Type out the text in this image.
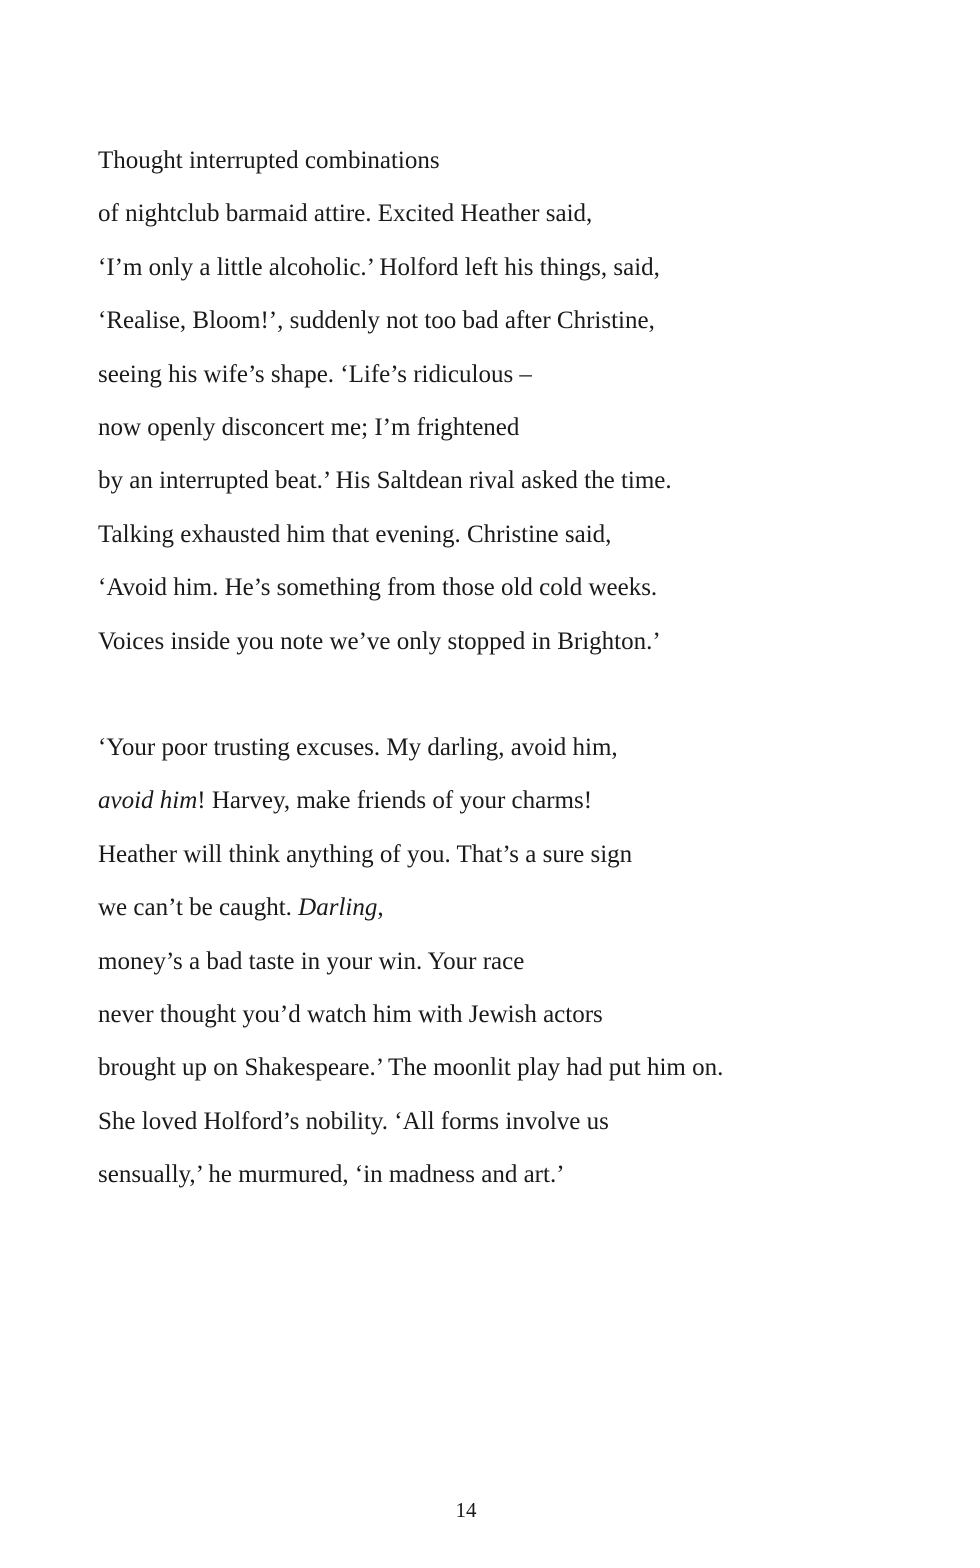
Thought interrupted combinations
of nightclub barmaid attire. Excited Heather said,
‘I’m only a little alcoholic.’ Holford left his things, said,
‘Realise, Bloom!’, suddenly not too bad after Christine,
seeing his wife’s shape. ‘Life’s ridiculous –
now openly disconcert me; I’m frightened
by an interrupted beat.’ His Saltdean rival asked the time.
Talking exhausted him that evening. Christine said,
‘Avoid him. He’s something from those old cold weeks.
Voices inside you note we’ve only stopped in Brighton.’
‘Your poor trusting excuses. My darling, avoid him,
avoid him! Harvey, make friends of your charms!
Heather will think anything of you. That’s a sure sign
we can’t be caught. Darling,
money’s a bad taste in your win. Your race
never thought you’d watch him with Jewish actors
brought up on Shakespeare.’ The moonlit play had put him on.
She loved Holford’s nobility. ‘All forms involve us
sensually,’ he murmured, ‘in madness and art.’
14
